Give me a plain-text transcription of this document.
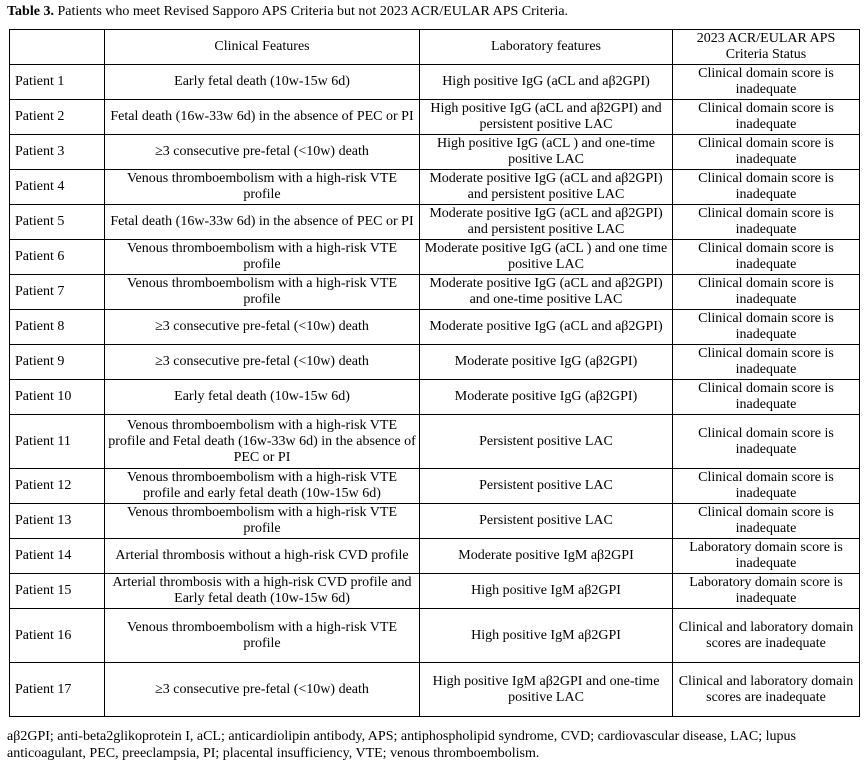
Table 3. Patients who meet Revised Sapporo APS Criteria but not 2023 ACR/EULAR APS Criteria.
	Clinical Features	Laboratory features	2023 ACR/EULAR APS Criteria Status
Patient 1	Early fetal death (10w-15w 6d)	High positive IgG (aCL and aβ2GPI)	Clinical domain score is inadequate
Patient 2	Fetal death (16w-33w 6d) in the absence of PEC or PI	High positive IgG (aCL and aβ2GPI) and persistent positive LAC	Clinical domain score is inadequate
Patient 3	≥3 consecutive pre-fetal (<10w) death	High positive IgG (aCL ) and one-time positive LAC	Clinical domain score is inadequate
Patient 4	Venous thromboembolism with a high-risk VTE profile	Moderate positive IgG (aCL and aβ2GPI) and persistent positive LAC	Clinical domain score is inadequate
Patient 5	Fetal death (16w-33w 6d) in the absence of PEC or PI	Moderate positive IgG (aCL and aβ2GPI) and persistent positive LAC	Clinical domain score is inadequate
Patient 6	Venous thromboembolism with a high-risk VTE profile	Moderate positive IgG (aCL ) and one time positive LAC	Clinical domain score is inadequate
Patient 7	Venous thromboembolism with a high-risk VTE profile	Moderate positive IgG (aCL and aβ2GPI) and one-time positive LAC	Clinical domain score is inadequate
Patient 8	≥3 consecutive pre-fetal (<10w) death	Moderate positive IgG (aCL and aβ2GPI)	Clinical domain score is inadequate
Patient 9	≥3 consecutive pre-fetal (<10w) death	Moderate positive IgG (aβ2GPI)	Clinical domain score is inadequate
Patient 10	Early fetal death (10w-15w 6d)	Moderate positive IgG (aβ2GPI)	Clinical domain score is inadequate
Patient 11	Venous thromboembolism with a high-risk VTE profile and Fetal death (16w-33w 6d) in the absence of PEC or PI	Persistent positive LAC	Clinical domain score is inadequate
Patient 12	Venous thromboembolism with a high-risk VTE profile and early fetal death (10w-15w 6d)	Persistent positive LAC	Clinical domain score is inadequate
Patient 13	Venous thromboembolism with a high-risk VTE profile	Persistent positive LAC	Clinical domain score is inadequate
Patient 14	Arterial thrombosis without a high-risk CVD profile	Moderate positive IgM aβ2GPI	Laboratory domain score is inadequate
Patient 15	Arterial thrombosis with a high-risk CVD profile and Early fetal death (10w-15w 6d)	High positive IgM aβ2GPI	Laboratory domain score is inadequate
Patient 16	Venous thromboembolism with a high-risk VTE profile	High positive IgM aβ2GPI	Clinical and laboratory domain scores are inadequate
Patient 17	≥3 consecutive pre-fetal (<10w) death	High positive IgM aβ2GPI and one-time positive LAC	Clinical and laboratory domain scores are inadequate
aβ2GPI; anti-beta2glikoprotein I, aCL; anticardiolipin antibody, APS; antiphospholipid syndrome, CVD; cardiovascular disease, LAC; lupus anticoagulant, PEC, preeclampsia, PI; placental insufficiency, VTE; venous thromboembolism.
